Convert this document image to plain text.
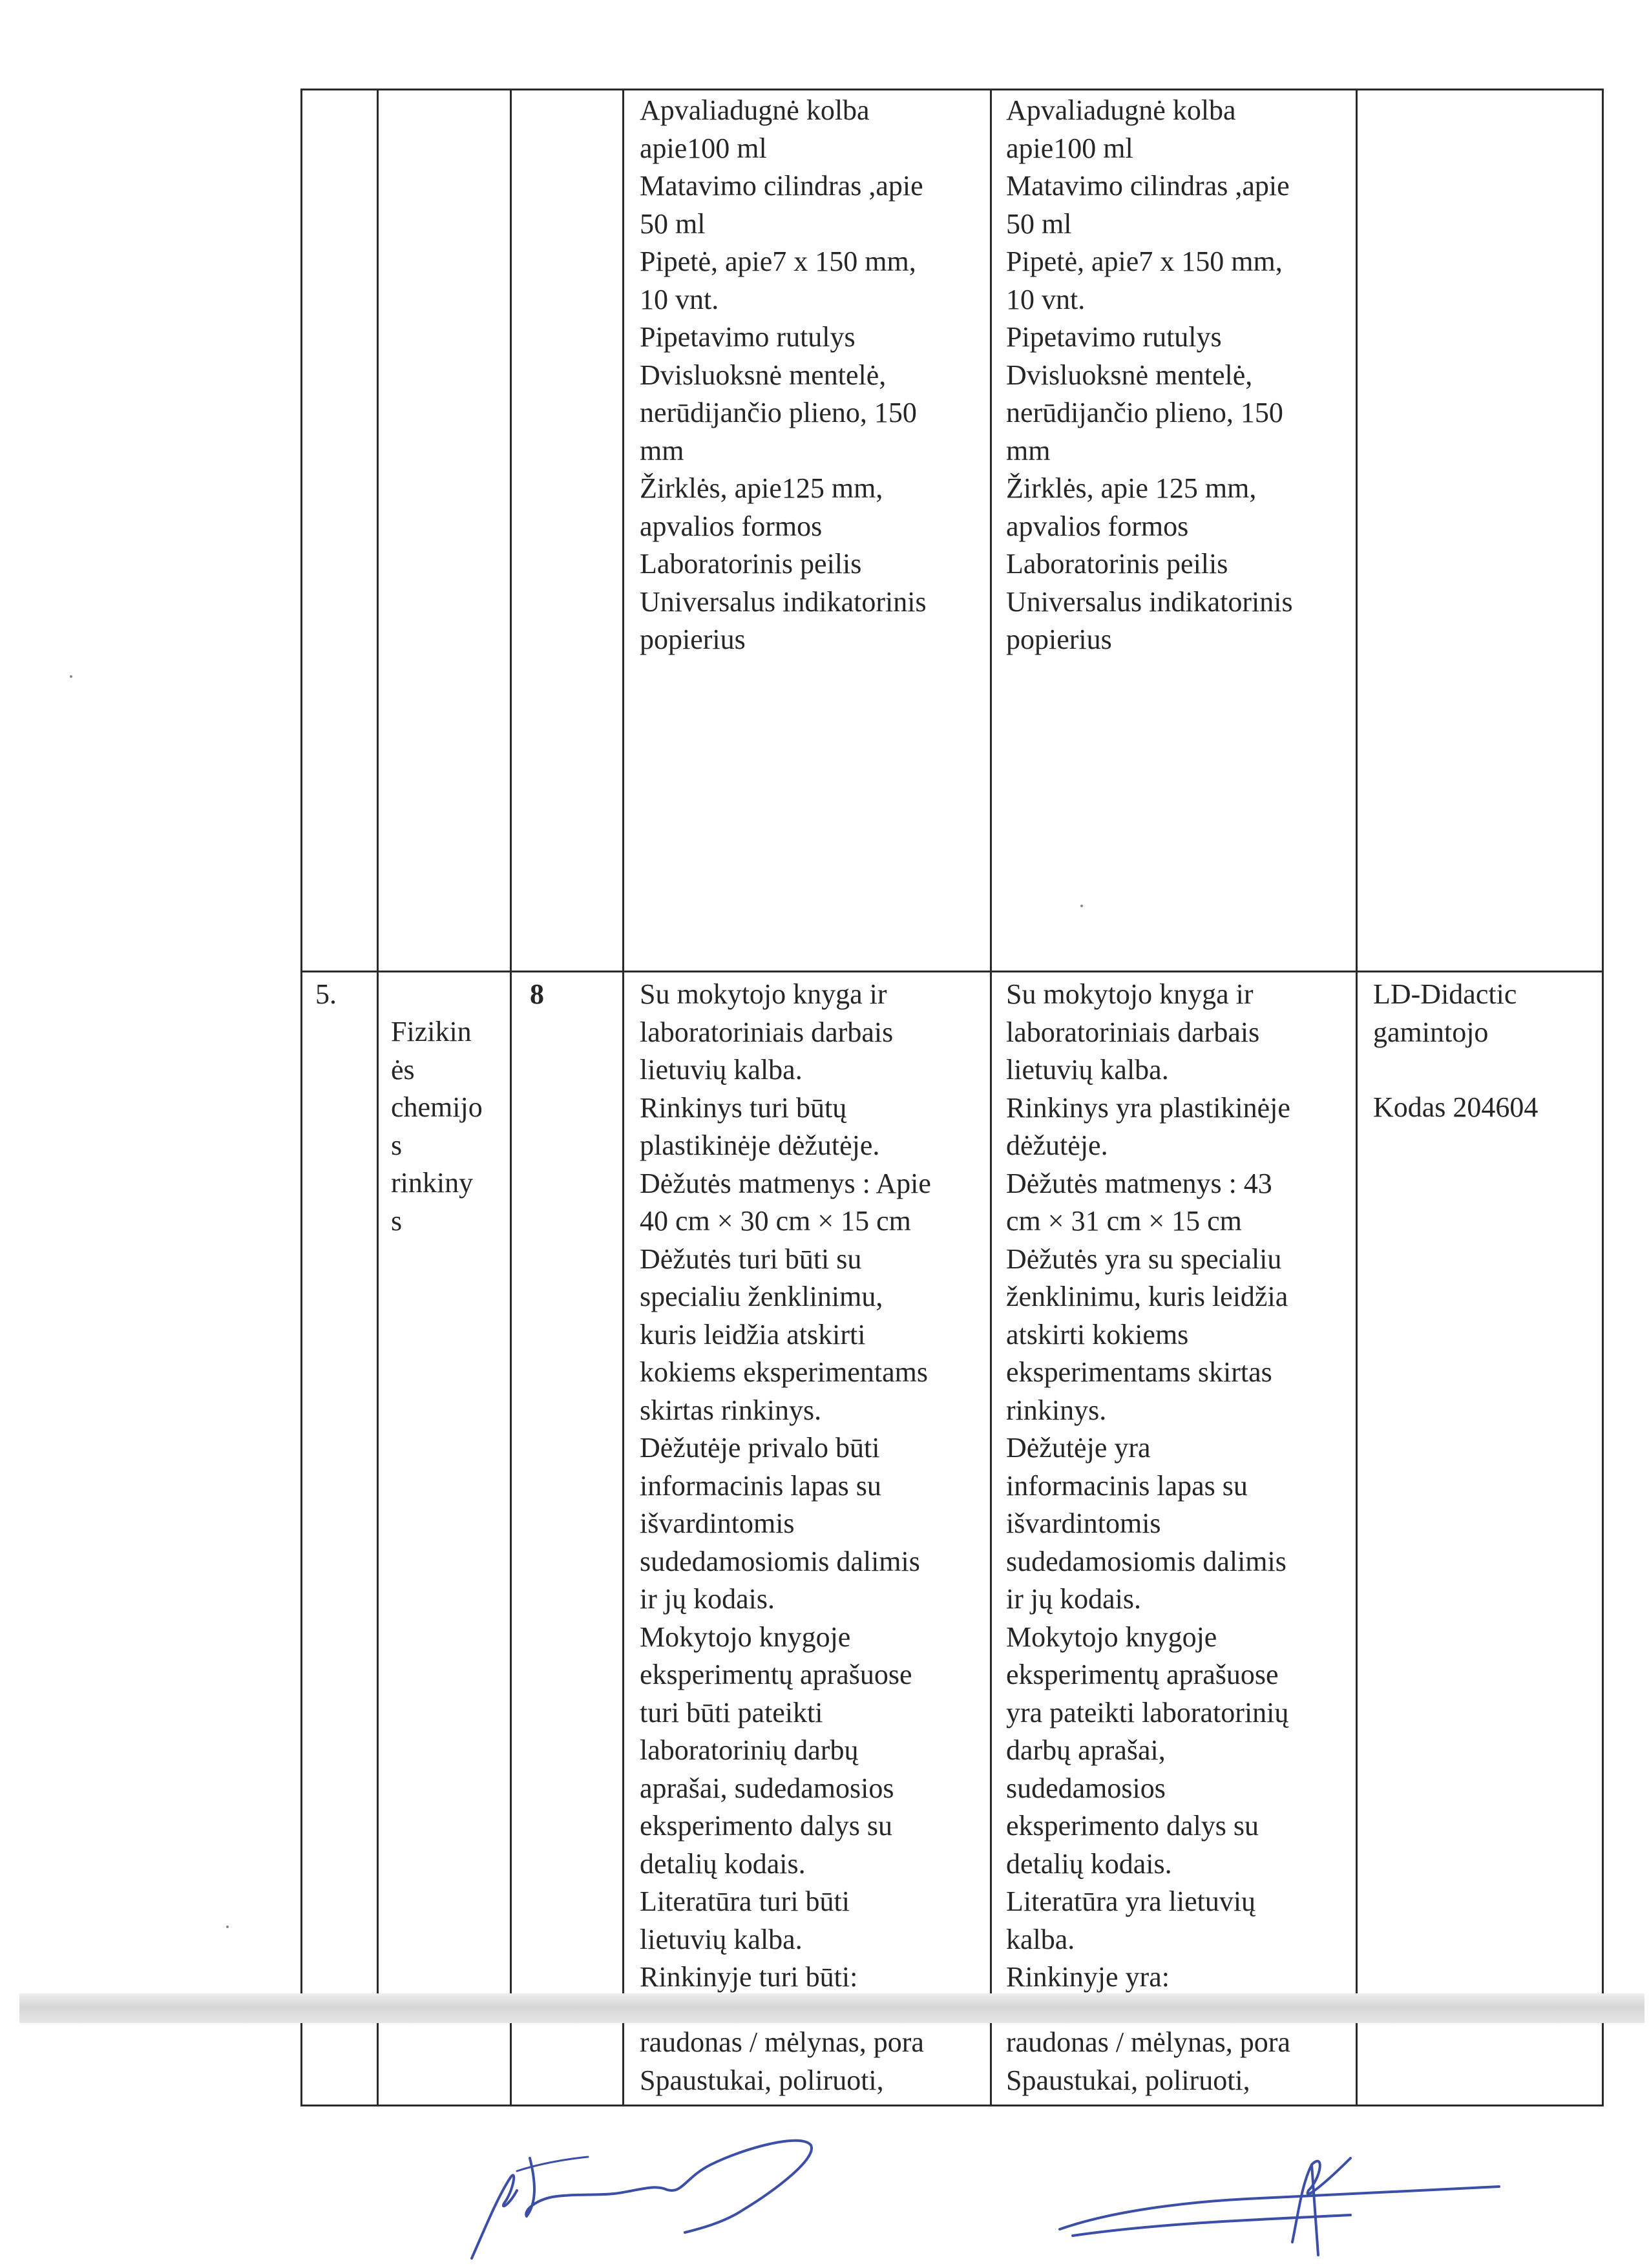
Apvaliadugnė kolba
apie100 ml
Matavimo cilindras ,apie
50 ml
Pipetė, apie7 x 150 mm,
10 vnt.
Pipetavimo rutulys
Dvisluoksnė mentelė,
nerūdijančio plieno, 150
mm
Žirklės, apie125 mm,
apvalios formos
Laboratorinis peilis
Universalus indikatorinis
popierius
Apvaliadugnė kolba
apie100 ml
Matavimo cilindras ,apie
50 ml
Pipetė, apie7 x 150 mm,
10 vnt.
Pipetavimo rutulys
Dvisluoksnė mentelė,
nerūdijančio plieno, 150
mm
Žirklės, apie 125 mm,
apvalios formos
Laboratorinis peilis
Universalus indikatorinis
popierius
5.
Fizikin
ės
chemijo
s
rinkiny
s
8	Su mokytojo knyga ir
laboratoriniais darbais
lietuvių kalba.
Rinkinys turi būtų
plastikinėje dėžutėje.
Dėžutės matmenys : Apie
40 cm × 30 cm × 15 cm
Dėžutės turi būti su
specialiu ženklinimu,
kuris leidžia atskirti
kokiems eksperimentams
skirtas rinkinys.
Dėžutėje privalo būti
informacinis lapas su
išvardintomis
sudedamosiomis dalimis
ir jų kodais.
Mokytojo knygoje
eksperimentų aprašuose
turi būti pateikti
laboratorinių darbų
aprašai, sudedamosios
eksperimento dalys su
detalių kodais.
Literatūra turi būti
lietuvių kalba.
Rinkinyje turi būti:
Su mokytojo knyga ir
laboratoriniais darbais
lietuvių kalba.
Rinkinys yra plastikinėje
dėžutėje.
Dėžutės matmenys : 43
cm × 31 cm × 15 cm
Dėžutės yra su specialiu
ženklinimu, kuris leidžia
atskirti kokiems
eksperimentams skirtas
rinkinys.
Dėžutėje yra
informacinis lapas su
išvardintomis
sudedamosiomis dalimis
ir jų kodais.
Mokytojo knygoje
eksperimentų aprašuose
yra pateikti laboratorinių
darbų aprašai,
sudedamosios
eksperimento dalys su
detalių kodais.
Literatūra yra lietuvių
kalba.
Rinkinyje yra:
LD-Didactic
gamintojo
Kodas 204604
raudonas / mėlynas, pora
Spaustukai, poliruoti,
raudonas / mėlynas, pora
Spaustukai, poliruoti,
